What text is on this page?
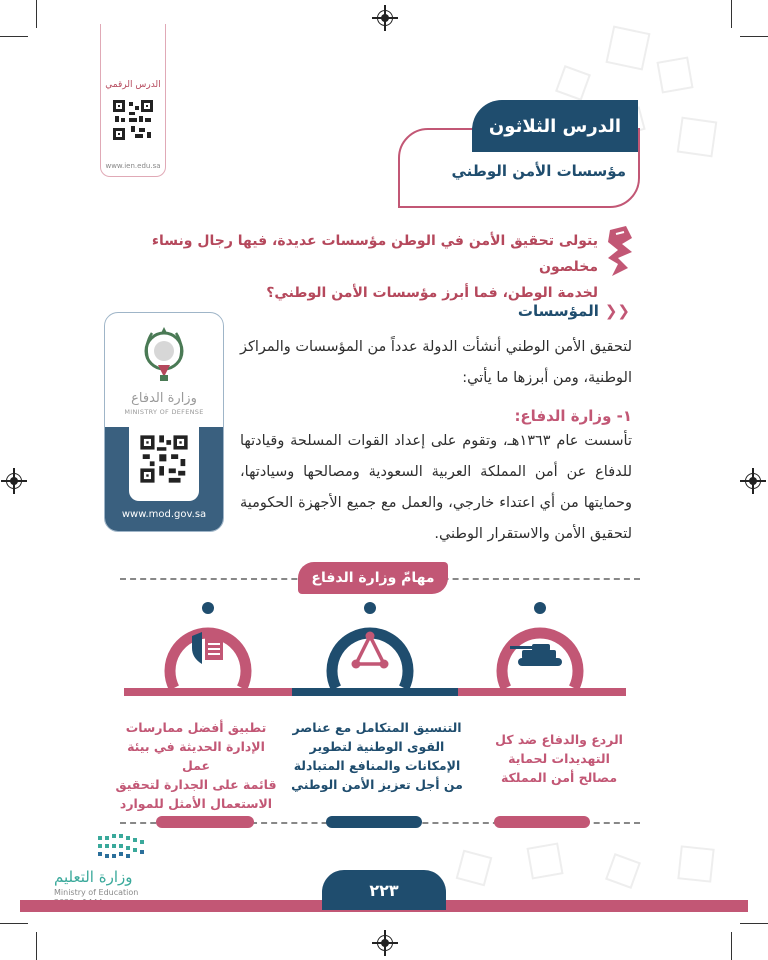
الدرس الرقمي
www.ien.edu.sa
الدرس الثلاثون
مؤسسات الأمن الوطني
يتولى تحقيق الأمن في الوطن مؤسسات عديدة، فيها رجال ونساء مخلصون
لخدمة الوطن، فما أبرز مؤسسات الأمن الوطني؟
❮❮المؤسسات
لتحقيق الأمن الوطني أنشأت الدولة عدداً من المؤسسات والمراكز الوطنية، ومن أبرزها ما يأتي:
١- وزارة الدفاع:
تأسست عام ١٣٦٣هـ، وتقوم على إعداد القوات المسلحة وقيادتها للدفاع عن أمن المملكة العربية السعودية ومصالحها وسيادتها، وحمايتها من أي اعتداء خارجي، والعمل مع جميع الأجهزة الحكومية لتحقيق الأمن والاستقرار الوطني.
وزارة الدفاع
MINISTRY OF DEFENSE
www.mod.gov.sa
مهامّ وزارة الدفاع
تطبيق أفضل ممارسات
الإدارة الحديثة في بيئة عمل
قائمة على الجدارة لتحقيق
الاستعمال الأمثل للموارد
التنسيق المتكامل مع عناصر
القوى الوطنية لتطوير
الإمكانات والمنافع المتبادلة
من أجل تعزيز الأمن الوطني
الردع والدفاع ضد كل
التهديدات لحماية
مصالح أمن المملكة
وزارة التعليم
Ministry of Education	٢٢٣
